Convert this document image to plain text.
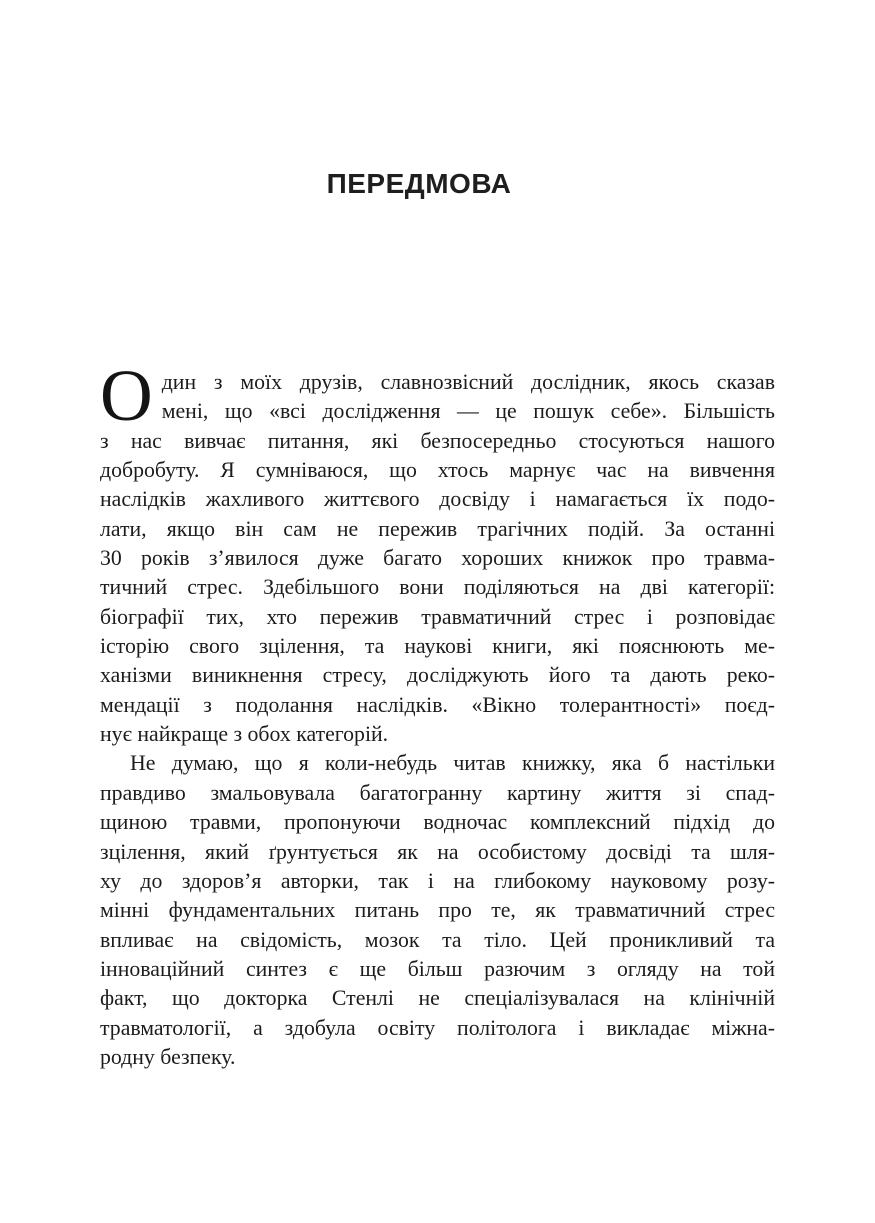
ПЕРЕДМОВА
О дин з моїх друзів, славнозвісний дослідник, якось сказав
мені, що «всі дослідження — це пошук себе». Більшість
з нас вивчає питання, які безпосередньо стосуються нашого
добробуту. Я сумніваюся, що хтось марнує час на вивчення
наслідків жахливого життєвого досвіду і намагається їх подо-
лати, якщо він сам не пережив трагічних подій. За останні
30 років з’явилося дуже багато хороших книжок про травма-
тичний стрес. Здебільшого вони поділяються на дві категорії:
біографії тих, хто пережив травматичний стрес і розповідає
історію свого зцілення, та наукові книги, які пояснюють ме-
ханізми виникнення стресу, досліджують його та дають реко-
мендації з подолання наслідків. «Вікно толерантності» поєд-
нує найкраще з обох категорій.
Не думаю, що я коли-небудь читав книжку, яка б настільки
правдиво змальовувала багатогранну картину життя зі спад-
щиною травми, пропонуючи водночас комплексний підхід до
зцілення, який ґрунтується як на особистому досвіді та шля-
ху до здоров’я авторки, так і на глибокому науковому розу-
мінні фундаментальних питань про те, як травматичний стрес
впливає на свідомість, мозок та тіло. Цей проникливий та
інноваційний синтез є ще більш разючим з огляду на той
факт, що докторка Стенлі не спеціалізувалася на клінічній
травматології, а здобула освіту політолога і викладає міжна-
родну безпеку.
